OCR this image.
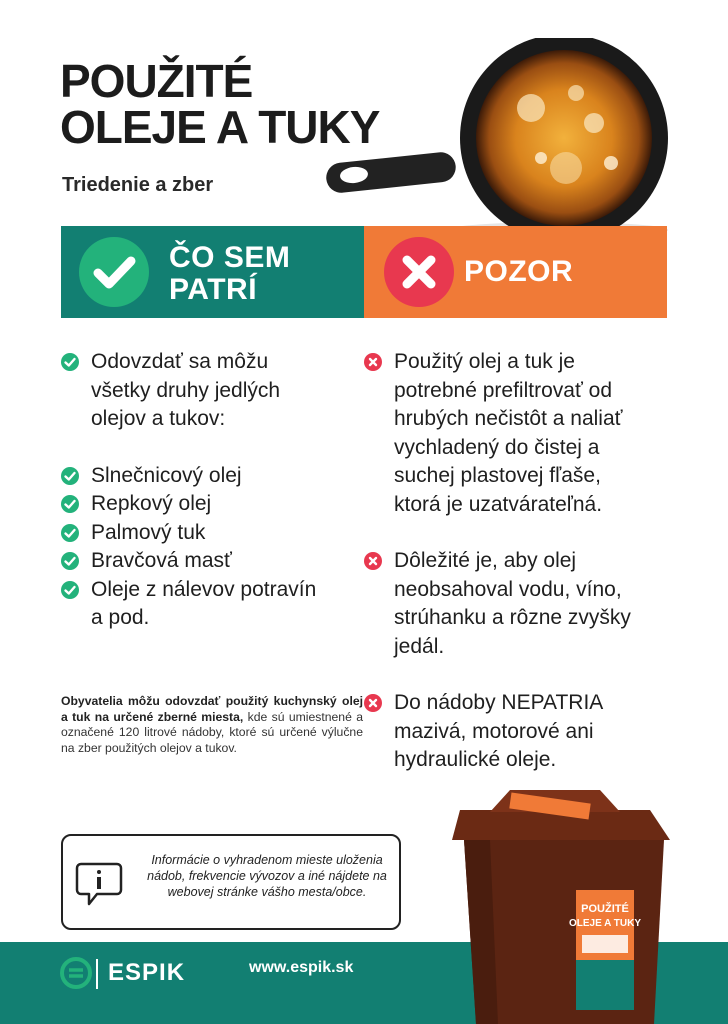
POUŽITÉ
OLEJE A TUKY
Triedenie a zber
ČO SEM
PATRÍ
POZOR
Odovzdať sa môžu
všetky druhy jedlých
olejov a tukov:
Slnečnicový olej
Repkový olej
Palmový tuk
Bravčová masť
Oleje z nálevov potravín
a pod.
Použitý olej a tuk je
potrebné prefiltrovať od
hrubých nečistôt a naliať
vychladený do čistej a
suchej plastovej fľaše,
ktorá je uzatvárateľná.
Dôležité je, aby olej
neobsahoval vodu, víno,
strúhanku a rôzne zvyšky
jedál.
Do nádoby NEPATRIA
mazivá, motorové ani
hydraulické oleje.
Obyvatelia môžu odovzdať použitý kuchynský olej a tuk na určené zberné miesta, kde sú umiestnené a označené 120 litrové nádoby, ktoré sú určené výlučne na zber použitých olejov a tukov.
Informácie o vyhradenom mieste uloženia nádob, frekvencie vývozov a iné nájdete na webovej stránke vášho mesta/obce.
ESPIK	www.espik.sk
POUŽITÉ
OLEJE A TUKY
